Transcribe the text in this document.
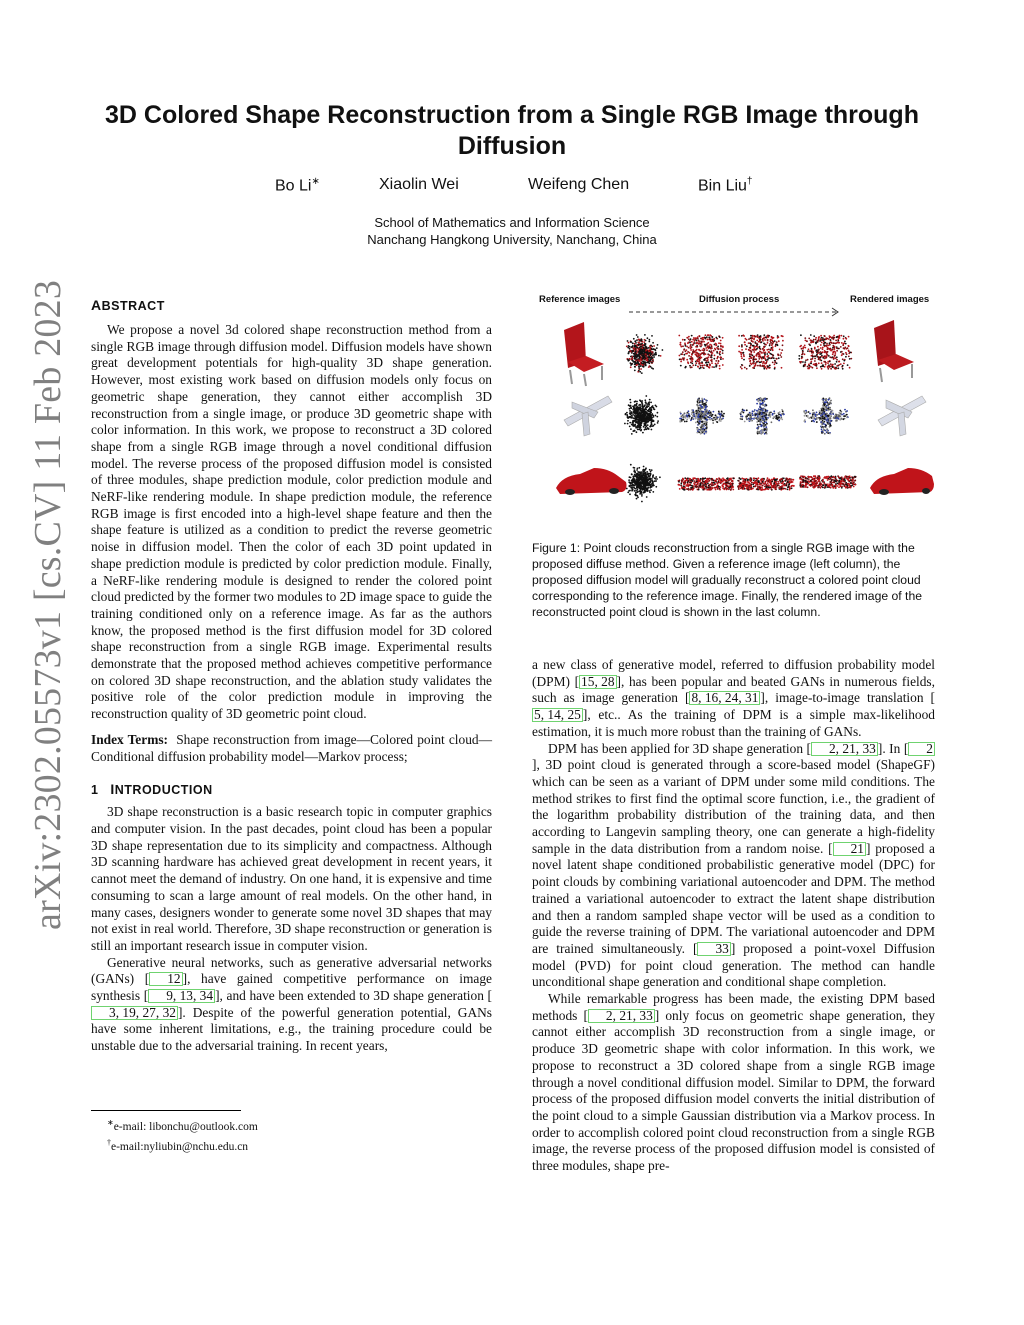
arXiv:2302.05573v1 [cs.CV] 11 Feb 2023
3D Colored Shape Reconstruction from a Single RGB Image through Diffusion
Bo Li∗	Xiaolin Wei	Weifeng Chen	Bin Liu†
School of Mathematics and Information Science
Nanchang Hangkong University, Nanchang, China
ABSTRACT

We propose a novel 3d colored shape reconstruction method from a single RGB image through diffusion model. Diffusion models have shown great development potentials for high-quality 3D shape generation. However, most existing work based on diffusion models only focus on geometric shape generation, they cannot either accomplish 3D reconstruction from a single image, or produce 3D geometric shape with color information. In this work, we propose to reconstruct a 3D colored shape from a single RGB image through a novel conditional diffusion model. The reverse process of the proposed diffusion model is consisted of three modules, shape prediction module, color prediction module and NeRF-like rendering module. In shape prediction module, the reference RGB image is first encoded into a high-level shape feature and then the shape feature is utilized as a condition to predict the reverse geometric noise in diffusion model. Then the color of each 3D point updated in shape prediction module is predicted by color prediction module. Finally, a NeRF-like rendering module is designed to render the colored point cloud predicted by the former two modules to 2D image space to guide the training conditioned only on a reference image. As far as the authors know, the proposed method is the first diffusion model for 3D colored shape reconstruction from a single RGB image. Experimental results demonstrate that the proposed method achieves competitive performance on colored 3D shape reconstruction, and the ablation study validates the positive role of the color prediction module in improving the reconstruction quality of 3D geometric point cloud.

Index Terms: Shape reconstruction from image—Colored point cloud—Conditional diffusion probability model—Markov process;

1 INTRODUCTION

3D shape reconstruction is a basic research topic in computer graphics and computer vision. In the past decades, point cloud has been a popular 3D shape representation due to its simplicity and compactness. Although 3D scanning hardware has achieved great development in recent years, it cannot meet the demand of industry. On one hand, it is expensive and time consuming to scan a large amount of real models. On the other hand, in many cases, designers wonder to generate some novel 3D shapes that may not exist in real world. Therefore, 3D shape reconstruction or generation is still an important research issue in computer vision.

Generative neural networks, such as generative adversarial networks (GANs) [ 12 ], have gained competitive performance on image synthesis [ 9, 13, 34 ], and have been extended to 3D shape generation [3, 19, 27, 32 ]. Despite of the powerful generation potential, GANs have some inherent limitations, e.g., the training procedure could be unstable due to the adversarial training. In recent years,

∗e-mail: libonchu@outlook.com

†e-mail:nyliubin@nchu.edu.cn

Reference images	Diffusion process	Rendered images

Figure 1: Point clouds reconstruction from a single RGB image with the proposed diffuse method. Given a reference image (left column), the proposed diffusion model will gradually reconstruct a colored point cloud corresponding to the reference image. Finally, the rendered image of the reconstructed point cloud is shown in the last column.

a new class of generative model, referred to diffusion probability model (DPM) [ 15, 28 ], has been popular and beated GANs in numerous fields, such as image generation [ 8, 16, 24, 31 ], image-to-image translation [5, 14, 25 ], etc.. As the training of DPM is a simple max-likelihood estimation, it is much more robust than the training of GANs.

DPM has been applied for 3D shape generation [ 2, 21, 33 ]. In [ 2], 3D point cloud is generated through a score-based model (ShapeGF) which can be seen as a variant of DPM under some mild conditions. The method strikes to first find the optimal score function, i.e., the gradient of the logarithm probability distribution of the training data, and then according to Langevin sampling theory, one can generate a high-fidelity sample in the data distribution from a random noise. [ 21 ] proposed a novel latent shape conditioned probabilistic generative model (DPC) for point clouds by combining variational autoencoder and DPM. The method trained a variational autoencoder to extract the latent shape distribution and then a random sampled shape vector will be used as a condition to guide the reverse training of DPM. The variational autoencoder and DPM are trained simultaneously. [ 33 ] proposed a point-voxel Diffusion model (PVD) for point cloud generation. The method can handle unconditional shape generation and conditional shape completion.

While remarkable progress has been made, the existing DPM based methods [ 2, 21, 33 ] only focus on geometric shape generation, they cannot either accomplish 3D reconstruction from a single image, or produce 3D geometric shape with color information. In this work, we propose to reconstruct a 3D colored shape from a single RGB image through a novel conditional diffusion model. Similar to DPM, the forward process of the proposed diffusion model converts the initial distribution of the point cloud to a simple Gaussian distribution via a Markov process. In order to accomplish colored point cloud reconstruction from a single RGB image, the reverse process of the proposed diffusion model is consisted of three modules, shape pre-
